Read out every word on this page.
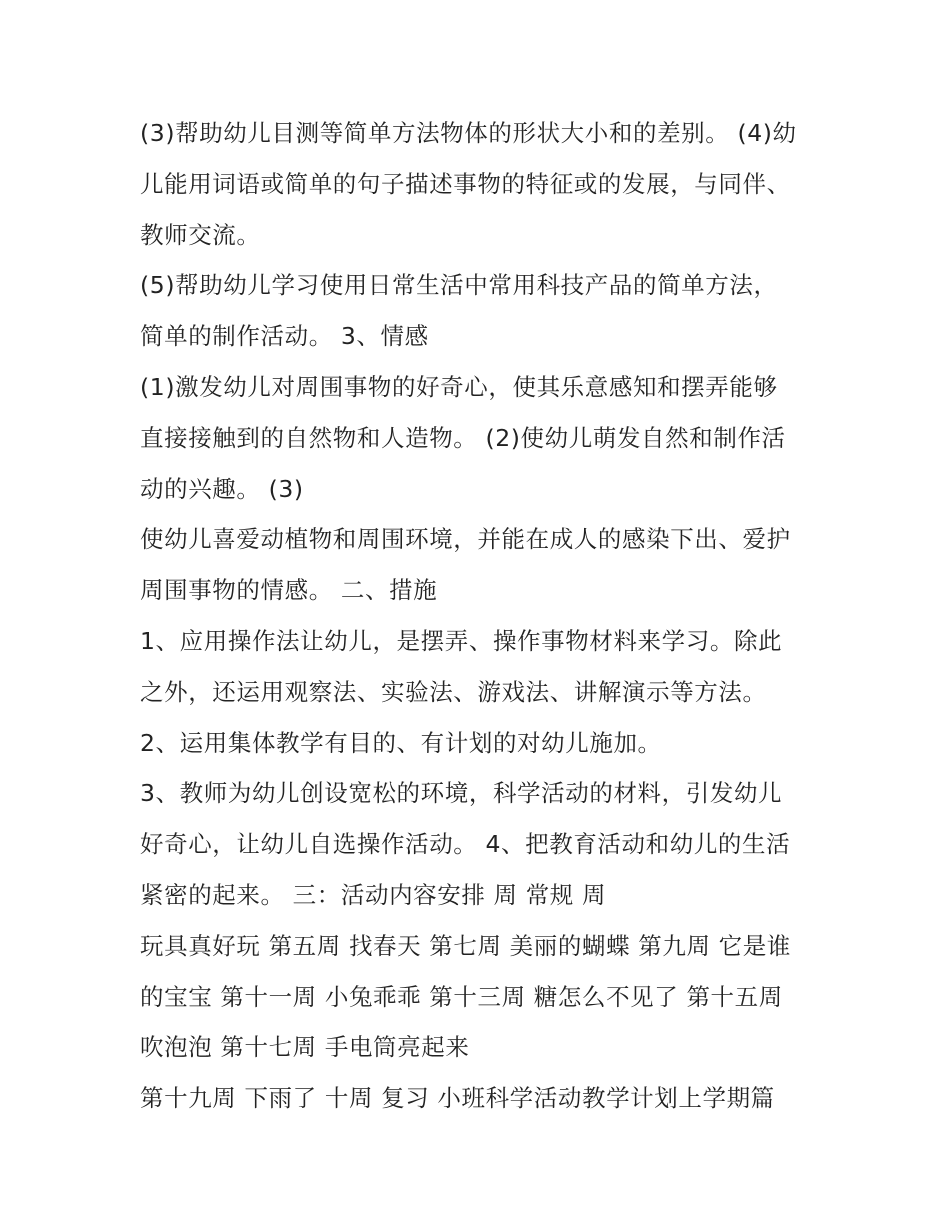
(3)帮助幼儿目测等简单方法物体的形状大小和的差别。 (4)幼
儿能用词语或简单的句子描述事物的特征或的发展，与同伴、
教师交流。
(5)帮助幼儿学习使用日常生活中常用科技产品的简单方法，
简单的制作活动。 3、情感
(1)激发幼儿对周围事物的好奇心，使其乐意感知和摆弄能够
直接接触到的自然物和人造物。 (2)使幼儿萌发自然和制作活
动的兴趣。 (3)
使幼儿喜爱动植物和周围环境，并能在成人的感染下出、爱护
周围事物的情感。 二、措施
1、应用操作法让幼儿，是摆弄、操作事物材料来学习。除此
之外，还运用观察法、实验法、游戏法、讲解演示等方法。
2、运用集体教学有目的、有计划的对幼儿施加。
3、教师为幼儿创设宽松的环境，科学活动的材料，引发幼儿
好奇心，让幼儿自选操作活动。 4、把教育活动和幼儿的生活
紧密的起来。 三：活动内容安排 周 常规 周
玩具真好玩 第五周 找春天 第七周 美丽的蝴蝶 第九周 它是谁
的宝宝 第十一周 小兔乖乖 第十三周 糖怎么不见了 第十五周
吹泡泡 第十七周 手电筒亮起来
第十九周 下雨了 十周 复习 小班科学活动教学计划上学期篇
